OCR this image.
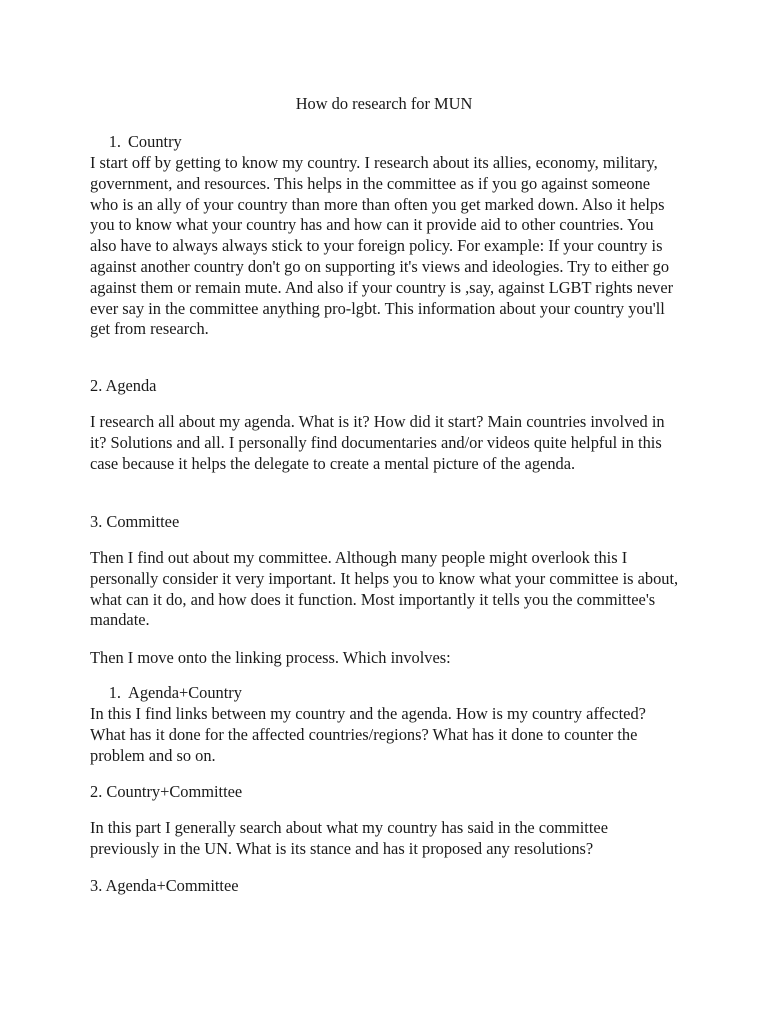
How do research for MUN
1. Country

I start off by getting to know my country. I research about its allies, economy, military, government, and resources. This helps in the committee as if you go against someone who is an ally of your country than more than often you get marked down. Also it helps you to know what your country has and how can it provide aid to other countries. You also have to always always stick to your foreign policy. For example: If your country is against another country don't go on supporting it's views and ideologies. Try to either go against them or remain mute. And also if your country is ,say, against LGBT rights never ever say in the committee anything pro-lgbt. This information about your country you'll get from research.

2. Agenda

I research all about my agenda. What is it? How did it start? Main countries involved in it? Solutions and all. I personally find documentaries and/or videos quite helpful in this case because it helps the delegate to create a mental picture of the agenda.

3. Committee

Then I find out about my committee. Although many people might overlook this I personally consider it very important. It helps you to know what your committee is about, what can it do, and how does it function. Most importantly it tells you the committee's mandate.

Then I move onto the linking process. Which involves:

1. Agenda+Country

In this I find links between my country and the agenda. How is my country affected? What has it done for the affected countries/regions? What has it done to counter the problem and so on.

2. Country+Committee

In this part I generally search about what my country has said in the committee previously in the UN. What is its stance and has it proposed any resolutions?

3. Agenda+Committee
